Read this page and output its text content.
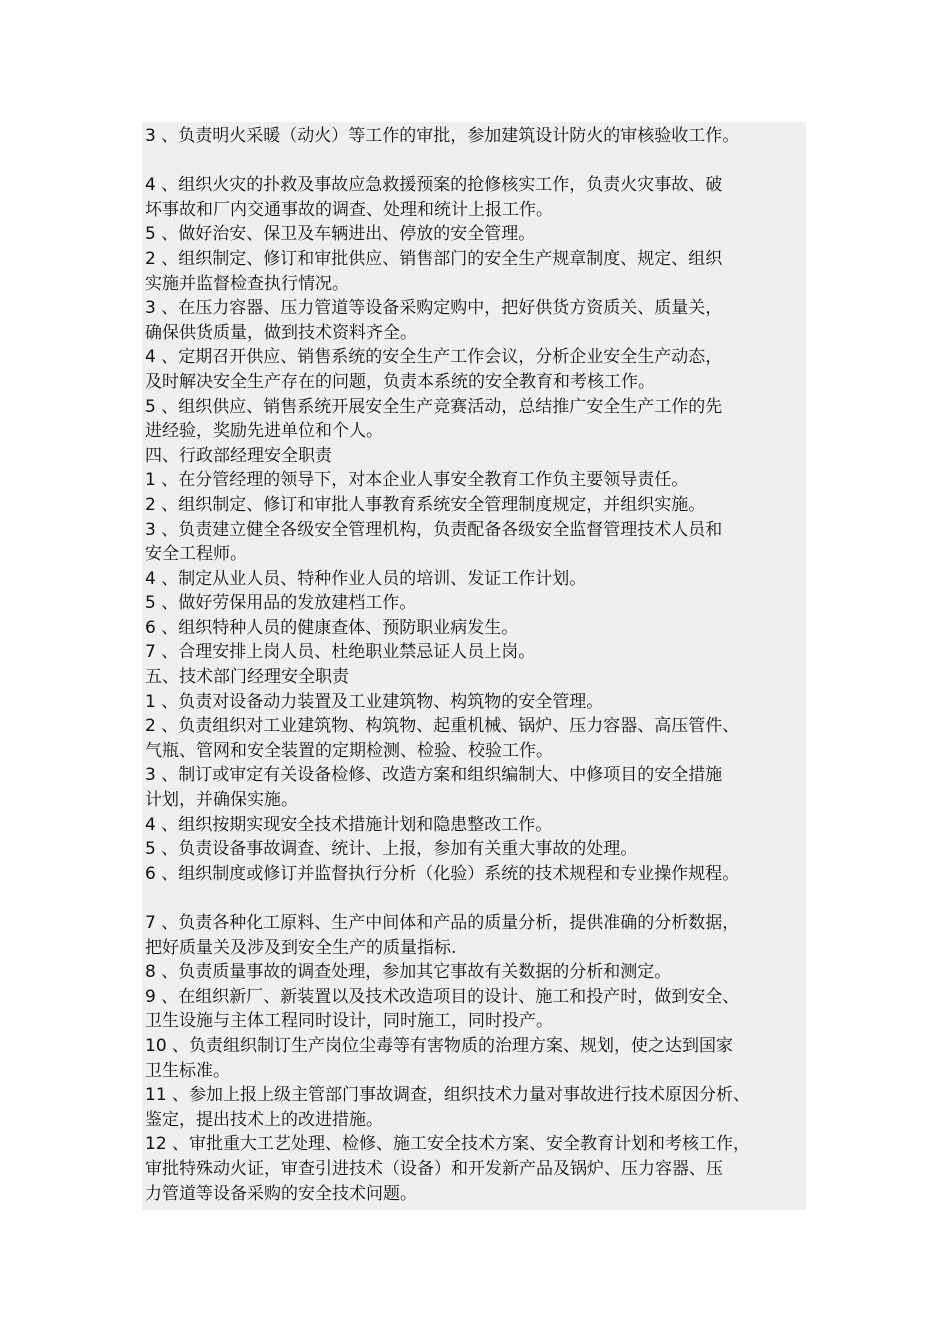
3 、负责明火采暖（动火）等工作的审批，参加建筑设计防火的审核验收工作。
4 、组织火灾的扑救及事故应急救援预案的抢修核实工作，负责火灾事故、破
坏事故和厂内交通事故的调查、处理和统计上报工作。
5 、做好治安、保卫及车辆进出、停放的安全管理。
2 、组织制定、修订和审批供应、销售部门的安全生产规章制度、规定、组织
实施并监督检查执行情况。
3 、在压力容器、压力管道等设备采购定购中，把好供货方资质关、质量关，
确保供货质量，做到技术资料齐全。
4 、定期召开供应、销售系统的安全生产工作会议，分析企业安全生产动态，
及时解决安全生产存在的问题，负责本系统的安全教育和考核工作。
5 、组织供应、销售系统开展安全生产竞赛活动，总结推广安全生产工作的先
进经验，奖励先进单位和个人。
四、行政部经理安全职责
1 、在分管经理的领导下，对本企业人事安全教育工作负主要领导责任。
2 、组织制定、修订和审批人事教育系统安全管理制度规定，并组织实施。
3 、负责建立健全各级安全管理机构，负责配备各级安全监督管理技术人员和
安全工程师。
4 、制定从业人员、特种作业人员的培训、发证工作计划。
5 、做好劳保用品的发放建档工作。
6 、组织特种人员的健康查体、预防职业病发生。
7 、合理安排上岗人员、杜绝职业禁忌证人员上岗。
五、技术部门经理安全职责
1 、负责对设备动力装置及工业建筑物、构筑物的安全管理。
2 、负责组织对工业建筑物、构筑物、起重机械、锅炉、压力容器、高压管件、
气瓶、管网和安全装置的定期检测、检验、校验工作。
3 、制订或审定有关设备检修、改造方案和组织编制大、中修项目的安全措施
计划，并确保实施。
4 、组织按期实现安全技术措施计划和隐患整改工作。
5 、负责设备事故调查、统计、上报，参加有关重大事故的处理。
6 、组织制度或修订并监督执行分析（化验）系统的技术规程和专业操作规程。
7 、负责各种化工原料、生产中间体和产品的质量分析，提供准确的分析数据，
把好质量关及涉及到安全生产的质量指标.
8 、负责质量事故的调查处理，参加其它事故有关数据的分析和测定。
9 、在组织新厂、新装置以及技术改造项目的设计、施工和投产时，做到安全、
卫生设施与主体工程同时设计，同时施工，同时投产。
10 、负责组织制订生产岗位尘毒等有害物质的治理方案、规划，使之达到国家
卫生标准。
11 、参加上报上级主管部门事故调查，组织技术力量对事故进行技术原因分析、
鉴定，提出技术上的改进措施。
12 、审批重大工艺处理、检修、施工安全技术方案、安全教育计划和考核工作，
审批特殊动火证，审查引进技术（设备）和开发新产品及锅炉、压力容器、压
力管道等设备采购的安全技术问题。
